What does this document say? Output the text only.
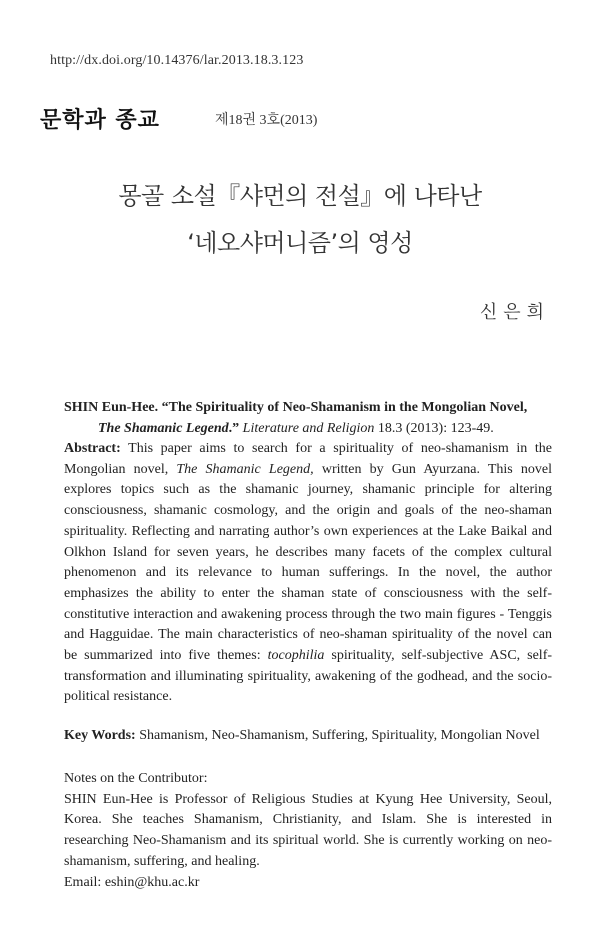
http://dx.doi.org/10.14376/lar.2013.18.3.123
문학과 종교	제18권 3호(2013)
몽골 소설『샤먼의 전설』에 나타난
‘네오샤머니즘’의 영성
신은희
SHIN Eun-Hee. “The Spirituality of Neo-Shamanism in the Mongolian Novel,
The Shamanic Legend.” Literature and Religion 18.3 (2013): 123-49.
Abstract: This paper aims to search for a spirituality of neo-shamanism in the Mongolian novel, The Shamanic Legend, written by Gun Ayurzana. This novel explores topics such as the shamanic journey, shamanic principle for altering consciousness, shamanic cosmology, and the origin and goals of the neo-shaman spirituality. Reflecting and narrating author’s own experiences at the Lake Baikal and Olkhon Island for seven years, he describes many facets of the complex cultural phenomenon and its relevance to human sufferings. In the novel, the author emphasizes the ability to enter the shaman state of consciousness with the self-constitutive interaction and awakening process through the two main figures - Tenggis and Hagguidae. The main characteristics of neo-shaman spirituality of the novel can be summarized into five themes: tocophilia spirituality, self-subjective ASC, self-transformation and illuminating spirituality, awakening of the godhead, and the socio-political resistance.
Key Words: Shamanism, Neo-Shamanism, Suffering, Spirituality, Mongolian Novel
Notes on the Contributor:
SHIN Eun-Hee is Professor of Religious Studies at Kyung Hee University, Seoul, Korea. She teaches Shamanism, Christianity, and Islam. She is interested in researching Neo-Shamanism and its spiritual world. She is currently working on neo-shamanism, suffering, and healing.
Email: eshin@khu.ac.kr
